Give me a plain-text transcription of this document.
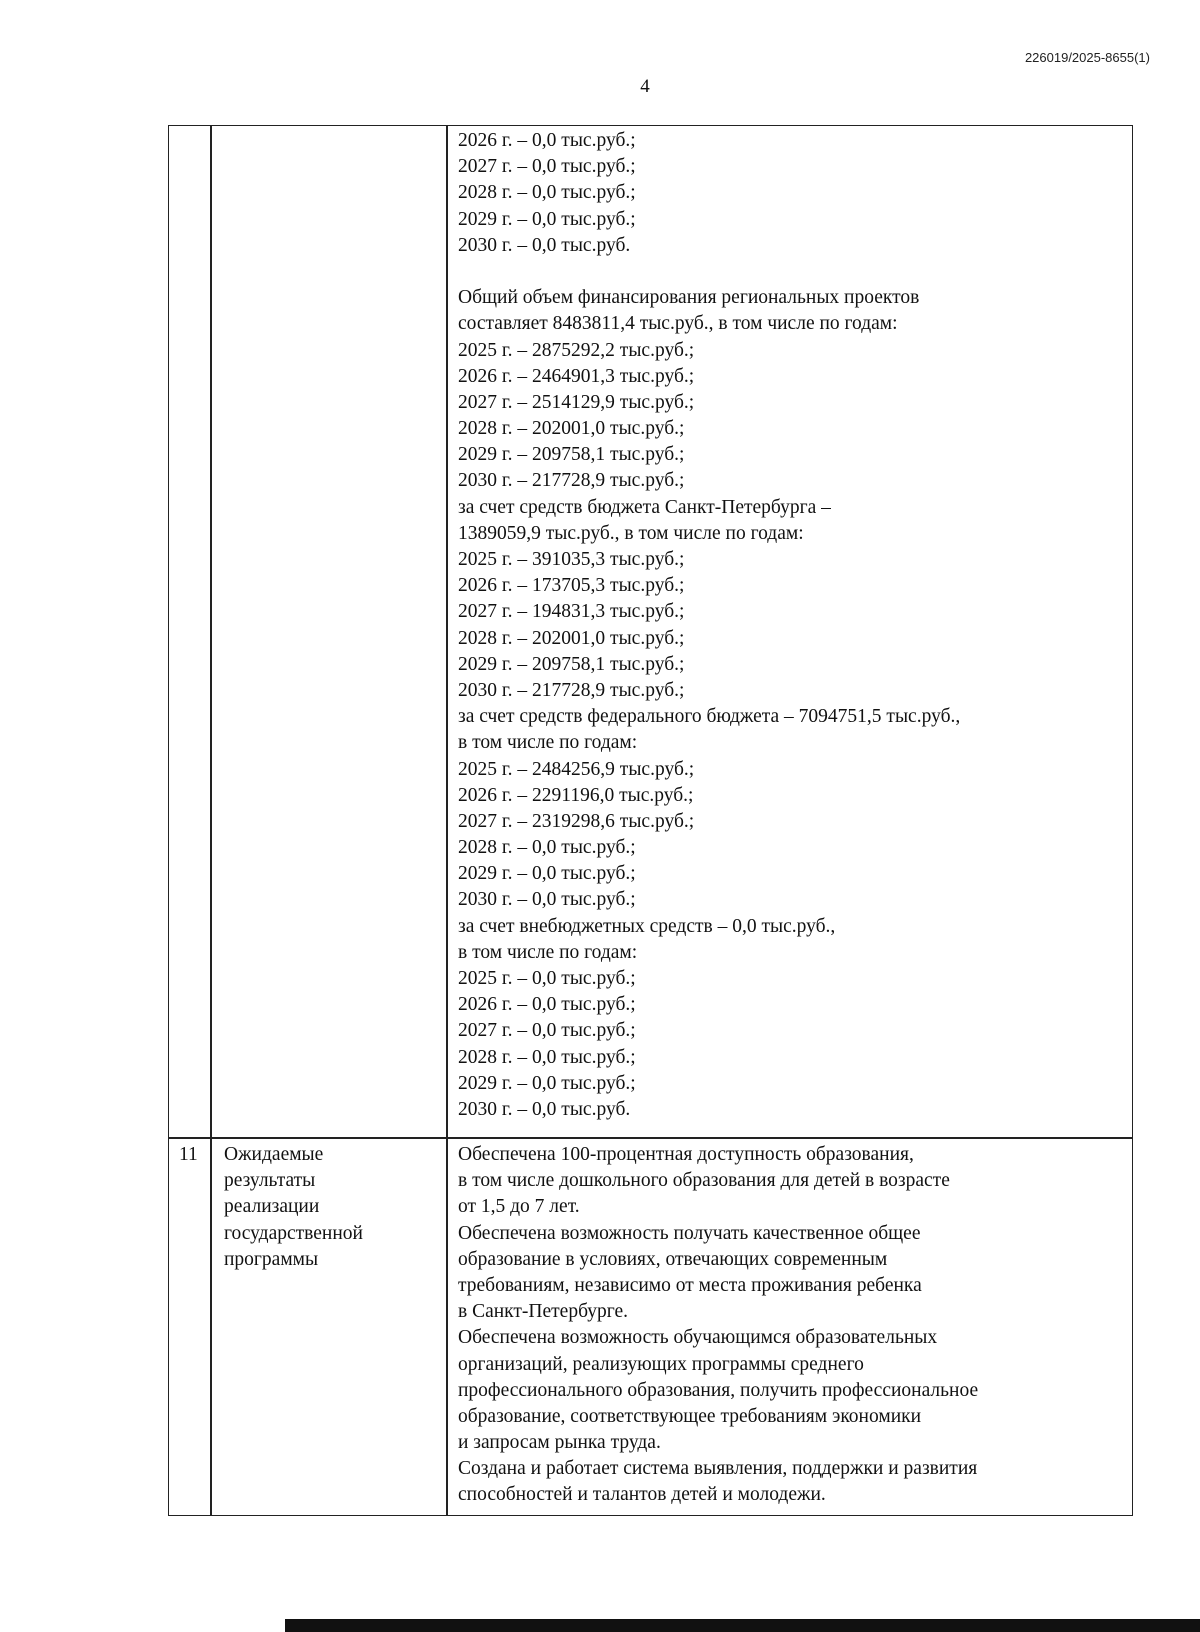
226019/2025-8655(1)
4
2026 г. – 0,0 тыс.руб.;
2027 г. – 0,0 тыс.руб.;
2028 г. – 0,0 тыс.руб.;
2029 г. – 0,0 тыс.руб.;
2030 г. – 0,0 тыс.руб.
Общий объем финансирования региональных проектов
составляет 8483811,4 тыс.руб., в том числе по годам:
2025 г. – 2875292,2 тыс.руб.;
2026 г. – 2464901,3 тыс.руб.;
2027 г. – 2514129,9 тыс.руб.;
2028 г. – 202001,0 тыс.руб.;
2029 г. – 209758,1 тыс.руб.;
2030 г. – 217728,9 тыс.руб.;
за счет средств бюджета Санкт-Петербурга –
1389059,9 тыс.руб., в том числе по годам:
2025 г. – 391035,3 тыс.руб.;
2026 г. – 173705,3 тыс.руб.;
2027 г. – 194831,3 тыс.руб.;
2028 г. – 202001,0 тыс.руб.;
2029 г. – 209758,1 тыс.руб.;
2030 г. – 217728,9 тыс.руб.;
за счет средств федерального бюджета – 7094751,5 тыс.руб.,
в том числе по годам:
2025 г. – 2484256,9 тыс.руб.;
2026 г. – 2291196,0 тыс.руб.;
2027 г. – 2319298,6 тыс.руб.;
2028 г. – 0,0 тыс.руб.;
2029 г. – 0,0 тыс.руб.;
2030 г. – 0,0 тыс.руб.;
за счет внебюджетных средств – 0,0 тыс.руб.,
в том числе по годам:
2025 г. – 0,0 тыс.руб.;
2026 г. – 0,0 тыс.руб.;
2027 г. – 0,0 тыс.руб.;
2028 г. – 0,0 тыс.руб.;
2029 г. – 0,0 тыс.руб.;
2030 г. – 0,0 тыс.руб.
11 Ожидаемые
результаты
реализации
государственной
программы
Обеспечена 100-процентная доступность образования,
в том числе дошкольного образования для детей в возрасте
от 1,5 до 7 лет.
Обеспечена возможность получать качественное общее
образование в условиях, отвечающих современным
требованиям, независимо от места проживания ребенка
в Санкт-Петербурге.
Обеспечена возможность обучающимся образовательных
организаций, реализующих программы среднего
профессионального образования, получить профессиональное
образование, соответствующее требованиям экономики
и запросам рынка труда.
Создана и работает система выявления, поддержки и развития
способностей и талантов детей и молодежи.
